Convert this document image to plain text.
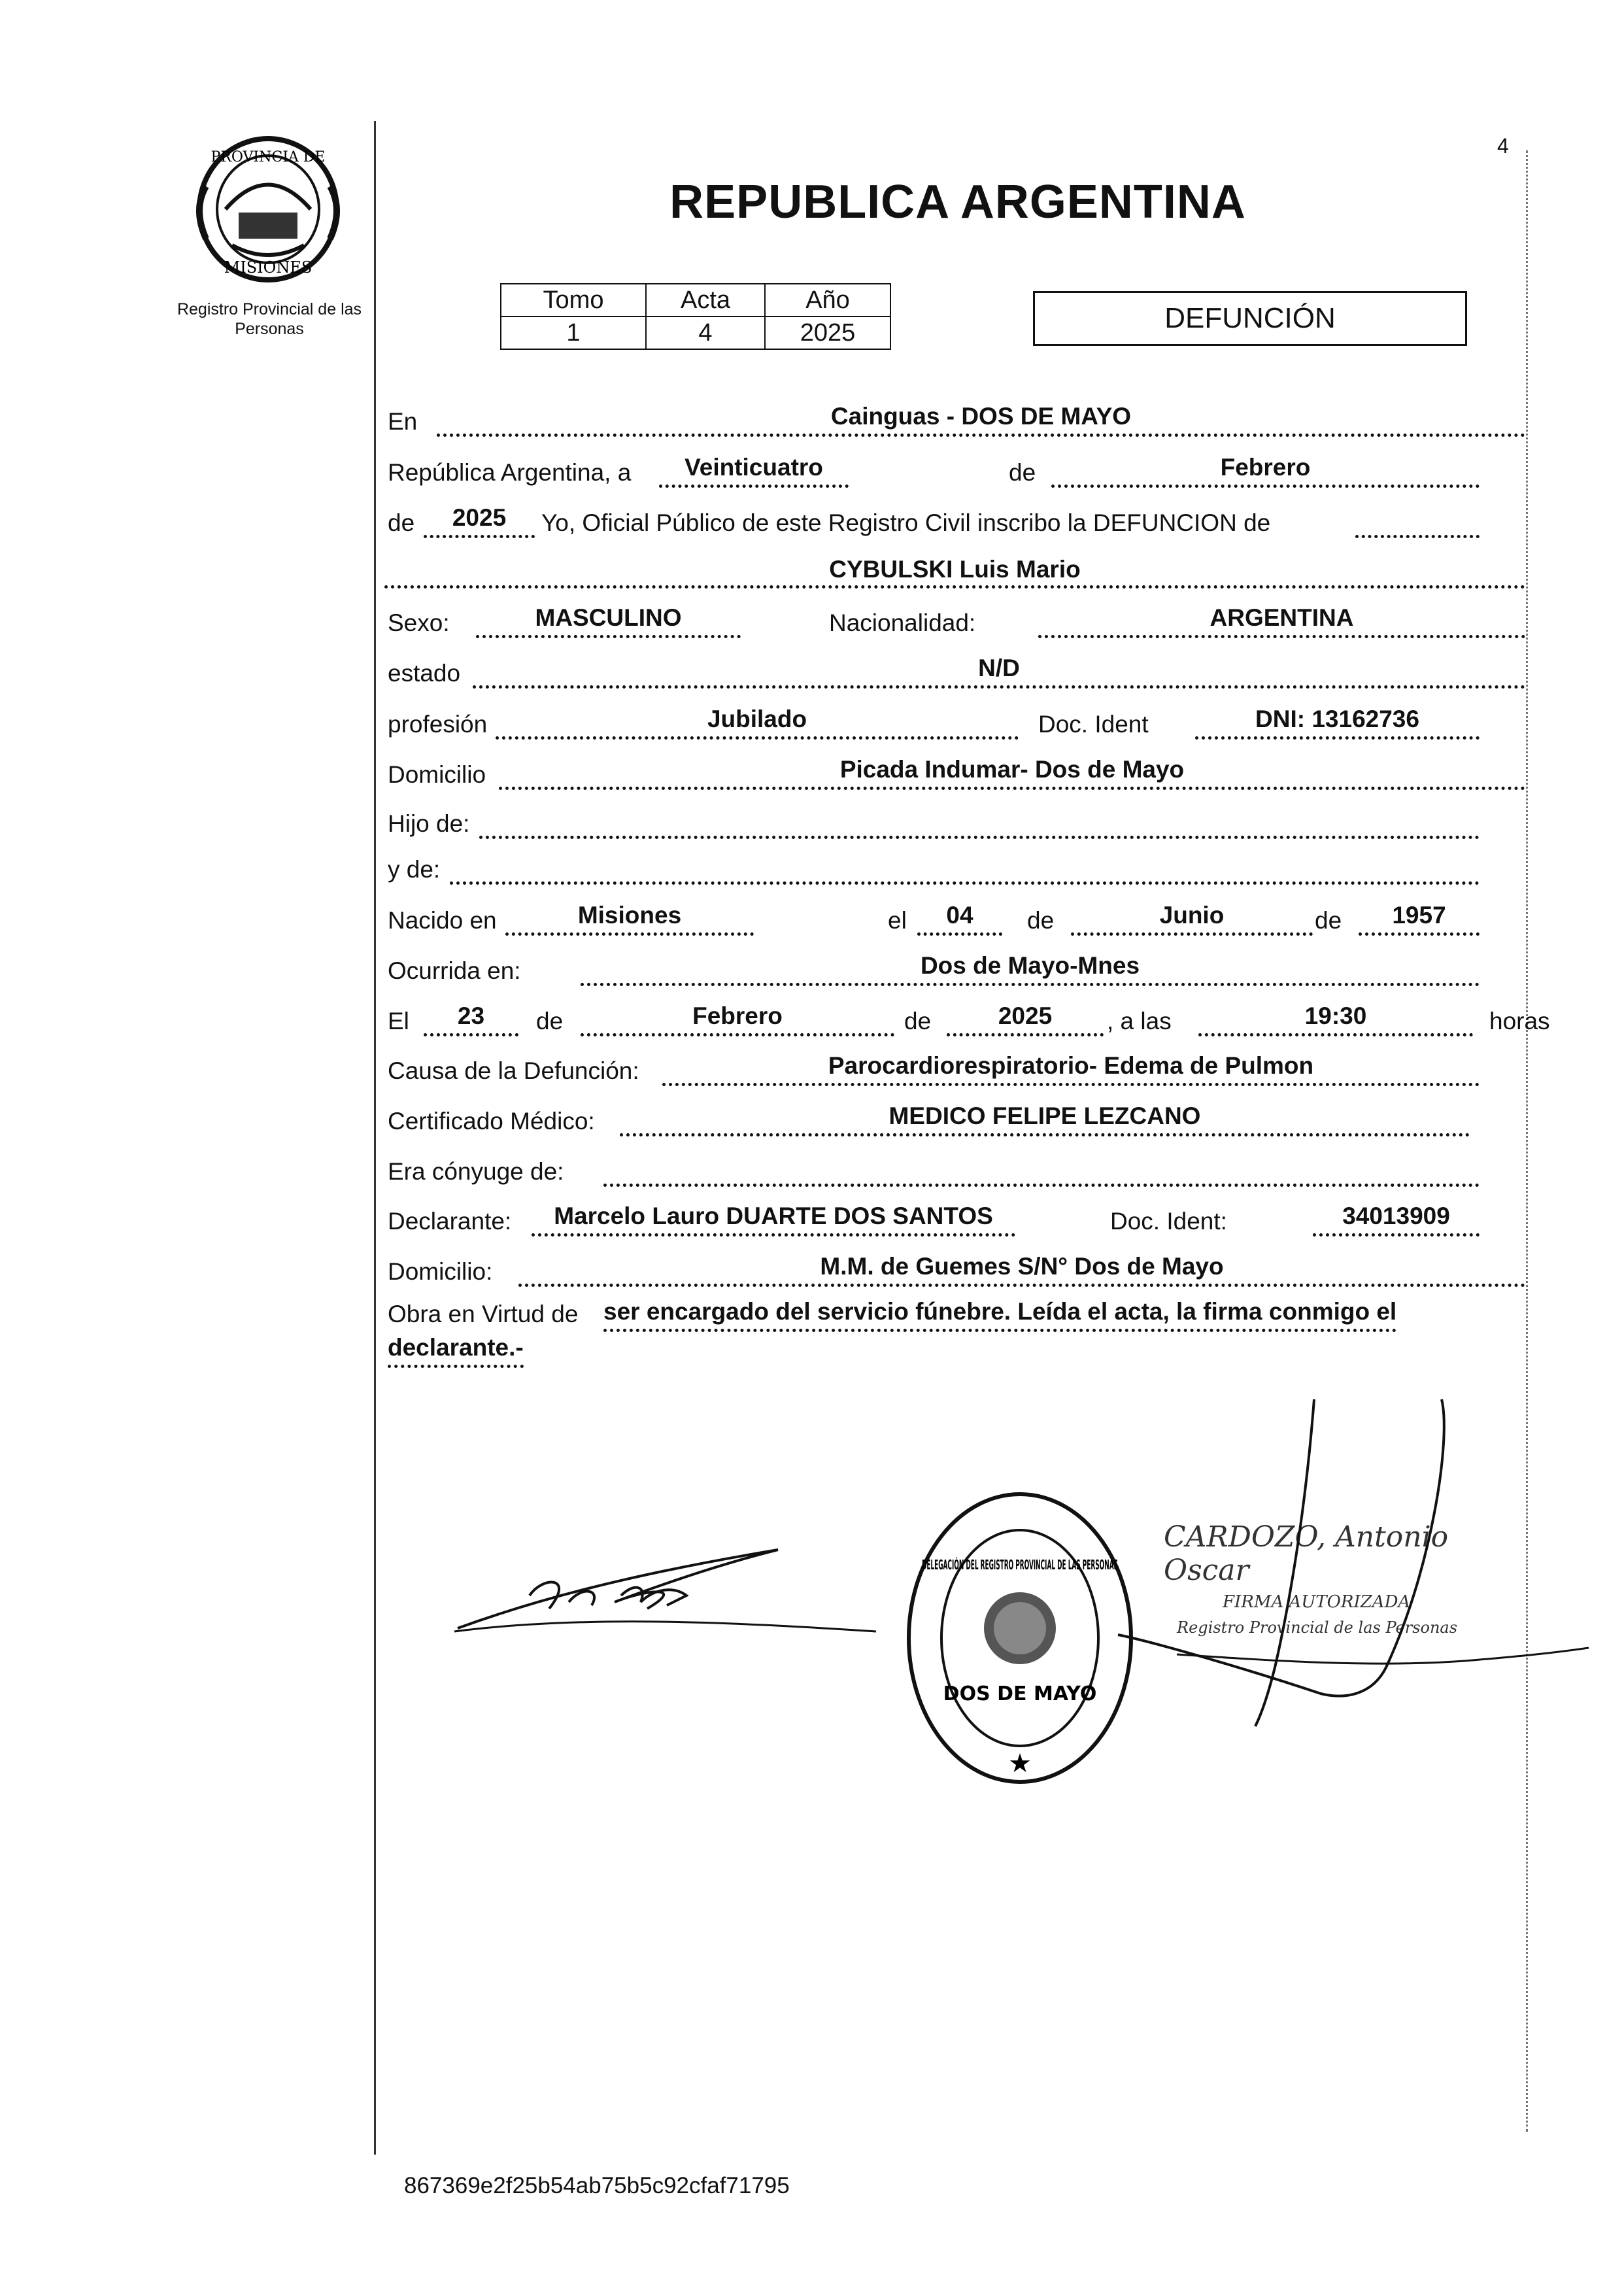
PROVINCIA DE
MISIONES
Registro Provincial de las Personas
4
REPUBLICA ARGENTINA
Tomo	Acta	Año
1	4	2025	DEFUNCIÓN
En	Cainguas - DOS DE MAYO
República Argentina, a	Veinticuatro	de	Febrero
de	2025	Yo, Oficial Público de este Registro Civil inscribo la DEFUNCION de
CYBULSKI Luis Mario
Sexo:	MASCULINO	Nacionalidad:	ARGENTINA
estado	N/D
profesión	Jubilado	Doc. Ident	DNI: 13162736
Domicilio	Picada Indumar- Dos de Mayo
Hijo de:
y de:
Nacido en	Misiones	el	04	de	Junio	de	1957
Ocurrida en:	Dos de Mayo-Mnes
El	23	de	Febrero	de	2025	, a las	19:30	horas
Causa de la Defunción:	Parocardiorespiratorio- Edema de Pulmon
Certificado Médico:	MEDICO FELIPE LEZCANO
Era cónyuge de:
Declarante:	Marcelo Lauro DUARTE DOS SANTOS	Doc. Ident:	34013909
Domicilio:	M.M. de Guemes S/N° Dos de Mayo
Obra en Virtud de ser encargado del servicio fúnebre. Leída el acta, la firma conmigo el
declarante.-
DELEGACIÓN DEL REGISTRO PROVINCIAL DE LAS PERSONAS
DOS DE MAYO
★
CARDOZO, Antonio Oscar
FIRMA AUTORIZADA
Registro Provincial de las Personas
867369e2f25b54ab75b5c92cfaf71795
